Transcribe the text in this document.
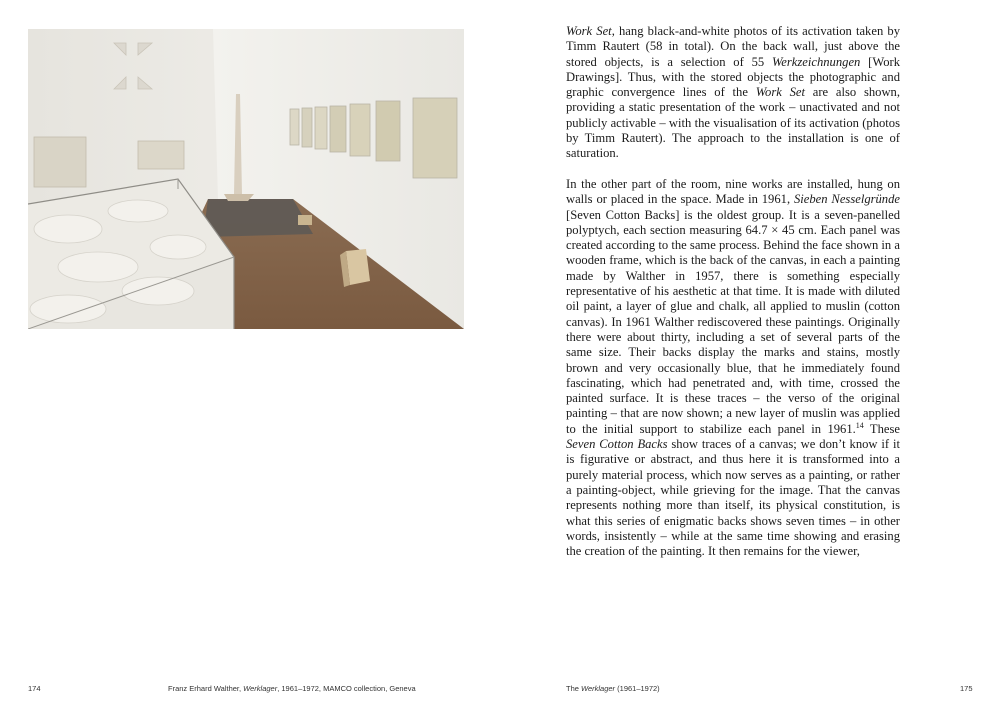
Work Set, hang black-and-white photos of its activation taken by Timm Rautert (58 in total). On the back wall, just above the stored objects, is a selection of 55 Werkzeichnungen [Work Drawings]. Thus, with the stored objects the photographic and graphic convergence lines of the Work Set are also shown, providing a static presentation of the work – unactivated and not publicly activable – with the visualisation of its activation (photos by Timm Rautert). The approach to the installation is one of saturation.

In the other part of the room, nine works are installed, hung on walls or placed in the space. Made in 1961, Sieben Nesselgründe [Seven Cotton Backs] is the oldest group. It is a seven-panelled polyptych, each section measuring 64.7 × 45 cm. Each panel was created according to the same process. Behind the face shown in a wooden frame, which is the back of the canvas, in each a painting made by Walther in 1957, there is something especially representative of his aesthetic at that time. It is made with diluted oil paint, a layer of glue and chalk, all applied to muslin (cotton canvas). In 1961 Walther rediscovered these paintings. Originally there were about thirty, including a set of several parts of the same size. Their backs display the marks and stains, mostly brown and very occasionally blue, that he immediately found fascinating, which had penetrated and, with time, crossed the painted surface. It is these traces – the verso of the original painting – that are now shown; a new layer of muslin was applied to the initial support to stabilize each panel in 1961.14 These Seven Cotton Backs show traces of a canvas; we don’t know if it is figurative or abstract, and thus here it is transformed into a purely material process, which now serves as a painting, or rather a painting-object, while grieving for the image. That the canvas represents nothing more than itself, its physical constitution, is what this series of enigmatic backs shows seven times – in other words, insistently – while at the same time showing and erasing the creation of the painting. It then remains for the viewer,

174	Franz Erhard Walther, Werklager, 1961–1972, MAMCO collection, Geneva	The Werklager (1961–1972)	175
